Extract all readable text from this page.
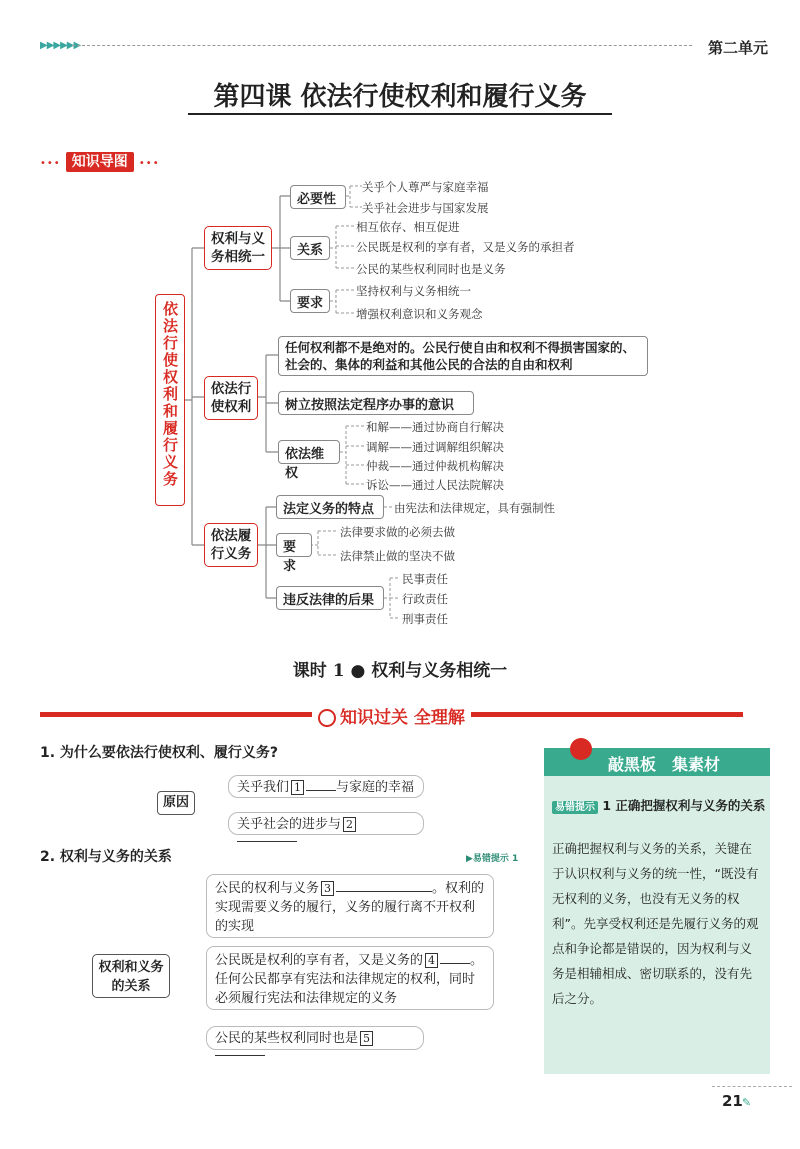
▶▶▶▶▶▶	第二单元
第四课 依法行使权利和履行义务
••• 知识导图 •••
依法行使权利和履行义务
权利与义务相统一
必要性
关乎个人尊严与家庭幸福
关乎社会进步与国家发展
关系
相互依存、相互促进
公民既是权利的享有者，又是义务的承担者
公民的某些权利同时也是义务
要求
坚持权利与义务相统一
增强权利意识和义务观念
依法行使权利
任何权利都不是绝对的。公民行使自由和权利不得损害国家的、社会的、集体的利益和其他公民的合法的自由和权利
树立按照法定程序办事的意识
依法维权
和解——通过协商自行解决
调解——通过调解组织解决
仲裁——通过仲裁机构解决
诉讼——通过人民法院解决
依法履行义务
法定义务的特点	由宪法和法律规定，具有强制性
要求
法律要求做的必须去做
法律禁止做的坚决不做
违反法律的后果
民事责任
行政责任
刑事责任
课时 1 ● 权利与义务相统一
知识过关 全理解
1. 为什么要依法行使权利、履行义务?
原因
关乎我们 1	与家庭的幸福
关乎社会的进步与 2
2. 权利与义务的关系	▶易错提示 1
权利和义务的关系
公民的权利与义务 3	。权利的实现需要义务的履行，义务的履行离不开权利的实现
公民既是权利的享有者，又是义务的 4	。任何公民都享有宪法和法律规定的权利，同时必须履行宪法和法律规定的义务
公民的某些权利同时也是 5
敲黑板　集素材
易错提示 1 正确把握权利与义务的关系
正确把握权利与义务的关系，关键在于认识权利与义务的统一性，“既没有无权利的义务，也没有无义务的权利”。先享受权利还是先履行义务的观点和争论都是错误的，因为权利与义务是相辅相成、密切联系的，没有先后之分。
21 ✎
